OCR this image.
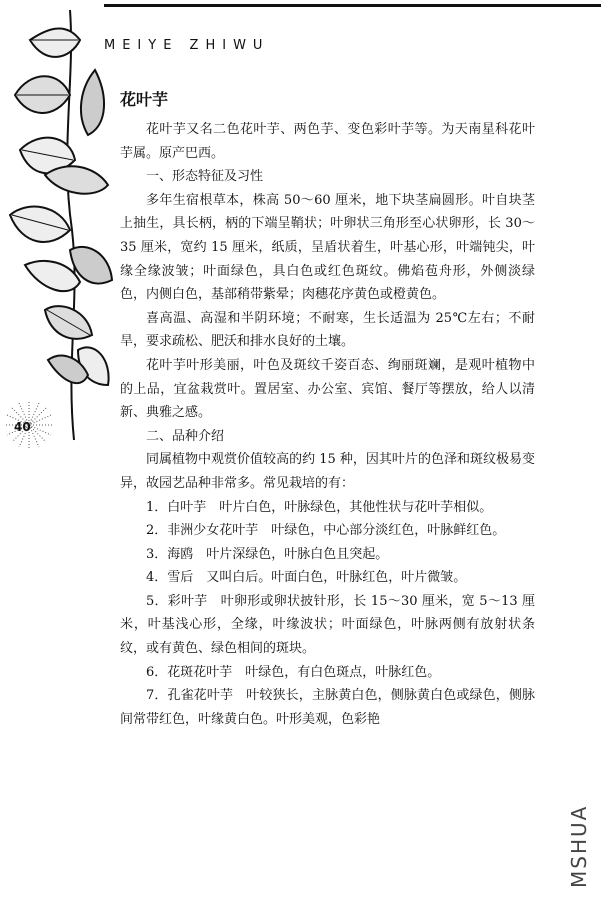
MEIYE ZHIWU
40
花叶芋

花叶芋又名二色花叶芋、两色芋、变色彩叶芋等。为天南星科花叶芋属。原产巴西。

一、形态特征及习性

多年生宿根草本，株高 50～60 厘米，地下块茎扁圆形。叶自块茎上抽生，具长柄，柄的下端呈鞘状；叶卵状三角形至心状卵形，长 30～35 厘米，宽约 15 厘米，纸质，呈盾状着生，叶基心形，叶端钝尖，叶缘全缘波皱；叶面绿色，具白色或红色斑纹。佛焰苞舟形，外侧淡绿色，内侧白色，基部稍带紫晕；肉穗花序黄色或橙黄色。

喜高温、高湿和半阴环境；不耐寒，生长适温为 25℃左右；不耐旱，要求疏松、肥沃和排水良好的土壤。

花叶芋叶形美丽，叶色及斑纹千姿百态、绚丽斑斓，是观叶植物中的上品，宜盆栽赏叶。置居室、办公室、宾馆、餐厅等摆放，给人以清新、典雅之感。

二、品种介绍

同属植物中观赏价值较高的约 15 种，因其叶片的色泽和斑纹极易变异，故园艺品种非常多。常见栽培的有：

1．白叶芋　叶片白色，叶脉绿色，其他性状与花叶芋相似。

2．非洲少女花叶芋　叶绿色，中心部分淡红色，叶脉鲜红色。

3．海鸥　叶片深绿色，叶脉白色且突起。

4．雪后　又叫白后。叶面白色，叶脉红色，叶片微皱。

5．彩叶芋　叶卵形或卵状披针形，长 15～30 厘米，宽 5～13 厘米，叶基浅心形，全缘，叶缘波状；叶面绿色，叶脉两侧有放射状条纹，或有黄色、绿色相间的斑块。

6．花斑花叶芋　叶绿色，有白色斑点，叶脉红色。

7．孔雀花叶芋　叶较狭长，主脉黄白色，侧脉黄白色或绿色，侧脉间常带红色，叶缘黄白色。叶形美观，色彩艳

MSHUA
